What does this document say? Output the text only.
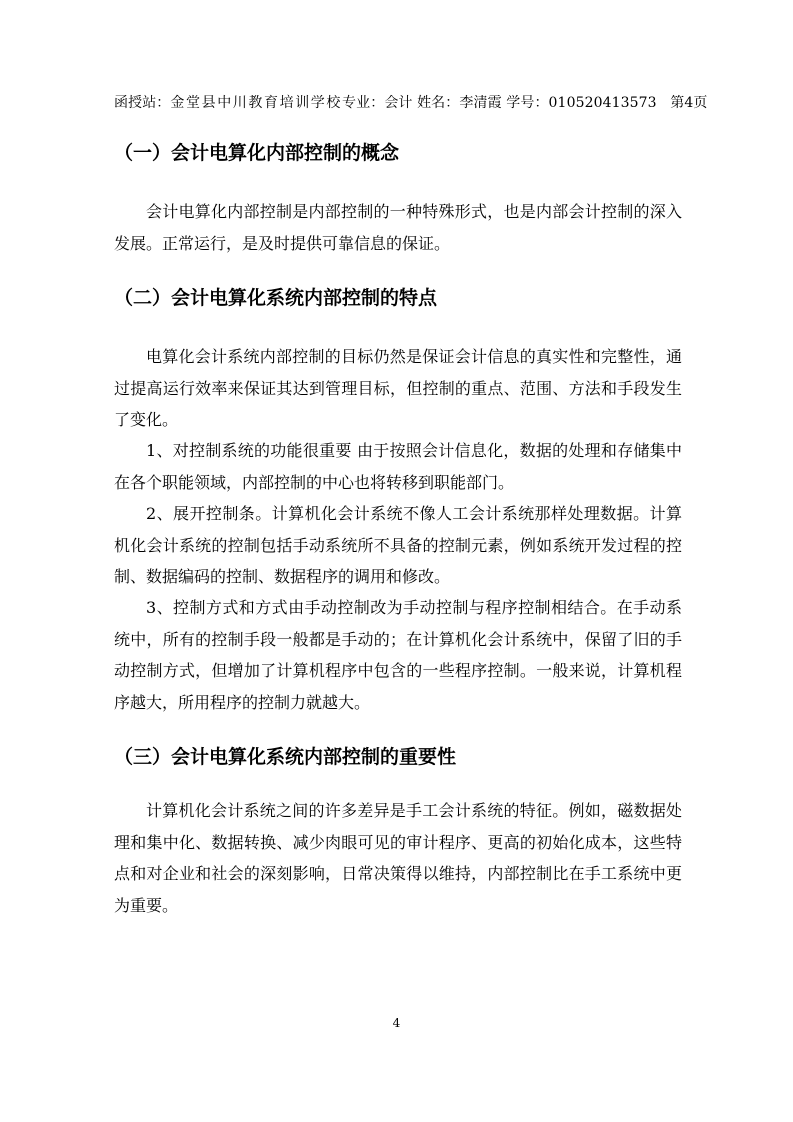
函授站：金堂县中川教育培训学校专业：会计 姓名：李清霞 学号：010520413573 第4页
（一）会计电算化内部控制的概念

会计电算化内部控制是内部控制的一种特殊形式，也是内部会计控制的深入发展。正常运行，是及时提供可靠信息的保证。

（二）会计电算化系统内部控制的特点

电算化会计系统内部控制的目标仍然是保证会计信息的真实性和完整性，通过提高运行效率来保证其达到管理目标，但控制的重点、范围、方法和手段发生了变化。

1、对控制系统的功能很重要 由于按照会计信息化，数据的处理和存储集中在各个职能领域，内部控制的中心也将转移到职能部门。

2、展开控制条。计算机化会计系统不像人工会计系统那样处理数据。计算机化会计系统的控制包括手动系统所不具备的控制元素，例如系统开发过程的控制、数据编码的控制、数据程序的调用和修改。

3、控制方式和方式由手动控制改为手动控制与程序控制相结合。在手动系统中，所有的控制手段一般都是手动的；在计算机化会计系统中，保留了旧的手动控制方式，但增加了计算机程序中包含的一些程序控制。一般来说，计算机程序越大，所用程序的控制力就越大。

（三）会计电算化系统内部控制的重要性

计算机化会计系统之间的许多差异是手工会计系统的特征。例如，磁数据处理和集中化、数据转换、减少肉眼可见的审计程序、更高的初始化成本，这些特点和对企业和社会的深刻影响，日常决策得以维持，内部控制比在手工系统中更为重要。

4
